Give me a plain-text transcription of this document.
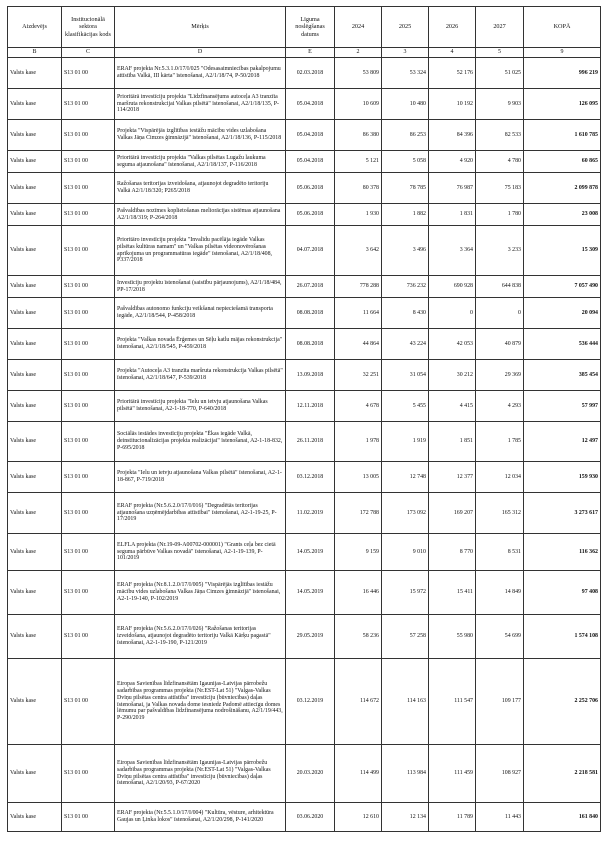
Aizdevējs	Institucionālā sektora klasifikācijas kods	Mērķis	Līguma noslēgšanas datums	2024	2025	2026	2027	KOPĀ
B	C	D	E	2	3	4	5	9
Valsts kase	S13 01 00	ERAF projekta Nr.5.3.1.0/17/I/025 "Odesasaimniecības pakalpojumu attīstība Valkā, III kārta" īstenošanai, A2/1/18/74, P-50/2018	02.03.2018	53 809	53 324	52 176	51 025	996 219
Valsts kase	S13 01 00	Prioritārā investīciju projekta "Līdzfinansējums autoceļa A3 tranzīta maršruta rekonstrukcijai Valkas pilsētā" īstenošanai, A2/1/18/135, P-114/2018	05.04.2018	10 609	10 480	10 192	9 903	126 095
Valsts kase	S13 01 00	Projekta "Vispārējās izglītības iestāžu mācību vides uzlabošana Valkas Jāņa Cimzes ģimnāzijā" īstenošanai, A2/1/18/136, P-115/2018	05.04.2018	86 380	86 253	84 396	82 533	1 610 785
Valsts kase	S13 01 00	Prioritārā investīciju projekta "Valkas pilsētas Lugažu laukuma seguma atjaunošana" īstenošanai, A2/1/18/137, P-116/2018	05.04.2018	5 121	5 058	4 920	4 780	60 865
Valsts kase	S13 01 00	Ražošanas teritorijas izveidošana, atjaunojot degradēto teritoriju Valkā A2/1/18/320; P265/2018	05.06.2018	80 378	78 785	76 987	75 183	2 099 878
Valsts kase	S13 01 00	Pašvaldības nozīmes koplietošanas meliorācijas sistēmas atjaunošana A2/1/18/319; P-264/2018	05.06.2018	1 930	1 882	1 831	1 780	23 008
Valsts kase	S13 01 00	Prioritāro investīciju projekta "Invalīdu pacēlāja iegāde Valkas pilsētas kultūras namam" un "Valkas pilsētas videonovērošanas aprīkojuma un programmatūras iegāde" īstenošanai, A2/1/18/408, P337/2018	04.07.2018	3 642	3 496	3 364	3 233	15 309
Valsts kase	S13 01 00	Investīciju projektu īstenošanai (saistību pārjaunojums), A2/1/18/484, PP-17/2018	26.07.2018	778 288	736 232	690 928	644 838	7 057 490
Valsts kase	S13 01 00	Pašvaldības autonomo funkciju veikšanai nepieciešamā transporta iegāde, A2/1/18/544, P-458/2018	08.08.2018	11 664	8 430	0	0	20 094
Valsts kase	S13 01 00	Projekta "Valkas novada Ērģemes un Sēļu katlu mājas rekonstrukcija" īstenošanai, A2/1/18/545, P-459/2018	08.08.2018	44 864	43 224	42 053	40 879	536 444
Valsts kase	S13 01 00	Projekta "Autoceļa A3 tranzīta maršruta rekonstrukcija Valkas pilsētā" īstenošanai, A2/1/18/647, P-539/2018	13.09.2018	32 251	31 054	30 212	29 369	385 454
Valsts kase	S13 01 00	Prioritārā investīciju projekta "Ielu un ietvju atjaunošana Valkas pilsētā" īstenošanai, A2-1-18-770, P-640/2018	12.11.2018	4 678	5 455	4 415	4 293	57 997
Valsts kase	S13 01 00	Sociālās iestādes investīciju projekta "Ēkas iegāde Valkā, deinstitucionalizācijas projekta realizācijai" īstenošanai, A2-1-18-832, P-695/2018	26.11.2018	1 978	1 919	1 851	1 785	12 497
Valsts kase	S13 01 00	Projekta "Ielu un ietvju atjaunošana Valkas pilsētā" īstenošanai, A2-1-18-867, P-719/2018	03.12.2018	13 005	12 748	12 377	12 034	159 930
Valsts kase	S13 01 00	ERAF projekta (Nr.5.6.2.0/17/I/016) "Degradētās teritorijas atjaunošana uzņēmējdarbības attīstībai" īstenošanai, A2-1-19-25, P-17/2019	11.02.2019	172 788	173 092	169 207	165 312	3 273 617
Valsts kase	S13 01 00	ELFLA projekta (Nr.19-09-A00702-000001) "Grants ceļa bez cietā seguma pārbūve Valkas novadā" īstenošanai, A2-1-19-139, P-101/2019	14.05.2019	9 159	9 010	8 770	8 531	116 362
Valsts kase	S13 01 00	ERAF projekta (Nr.8.1.2.0/17/I/005) "Vispārējās izglītības iestāžu mācību vides uzlabošana Valkas Jāņa Cimzes ģimnāzijā" īstenošanai, A2-1-19-140, P-102/2019	14.05.2019	16 446	15 972	15 411	14 849	97 408
Valsts kase	S13 01 00	ERAF projekta (Nr.5.6.2.0/17/I/026) "Ražošanas teritorijas izveidošana, atjaunojot degradēto teritoriju Valkā Kārķu pagastā" īstenošanai, A2-1-19-190, P-121/2019	29.05.2019	58 236	57 258	55 980	54 699	1 574 108
Valsts kase	S13 01 00	Eiropas Savienības līdzfinansētām Igaunijas-Latvijas pārrobežu sadarbības programmas projekta (Nr.EST-Lat 51) "Valgas-Valkas Dvīņu pilsētas centra attīstība" investīciju (būvniecības) daļas īstenošanai, ja Valkas novada dome iesniedz Padomē attiecīgu domes lēmumu par pašvaldības līdzfinansējuma nodrošināšanu, A2/1/19/443, P-290/2019	03.12.2019	114 672	114 163	111 547	109 177	2 252 706
Valsts kase	S13 01 00	Eiropas Savienības līdzfinansētām Igaunijas-Latvijas pārrobežu sadarbības programmas projekta (Nr.EST-Lat 51) "Valgas-Valkas Dvīņu pilsētas centra attīstība" investīciju (būvniecības) daļas īstenošanai, A2/1/20/93, P-67/2020	20.03.2020	114 499	113 984	111 459	108 927	2 218 581
Valsts kase	S13 01 00	ERAF projekta (Nr.5.5.1.0/17/I/004) "Kultūra, vēsture, arhitektūra Gaujas un Ļinka lokos" īstenošanai, A2/1/20/298, P-141/2020	03.06.2020	12 610	12 134	11 789	11 443	161 840
